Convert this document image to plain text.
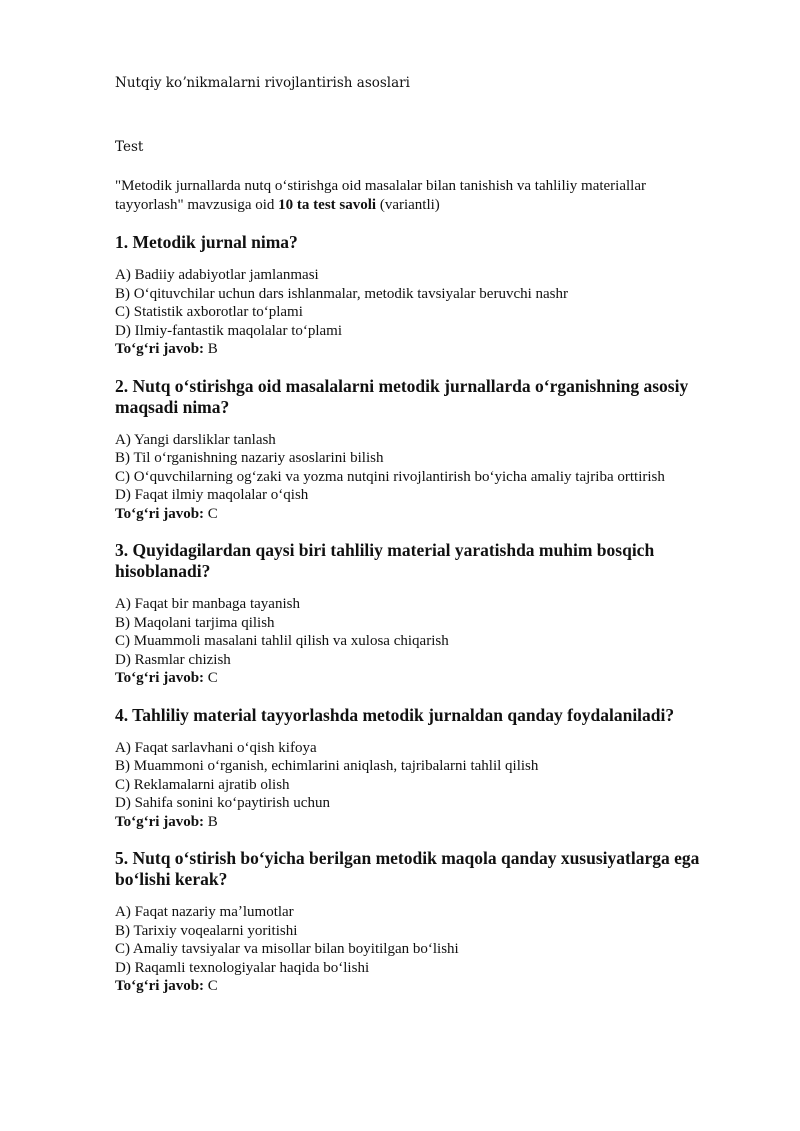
Nutqiy koʼnikmalarni rivojlantirish asoslari
Test
"Metodik jurnallarda nutq oʻstirishga oid masalalar bilan tanishish va tahliliy materiallar tayyorlash" mavzusiga oid 10 ta test savoli (variantli)
1. Metodik jurnal nima?
A) Badiiy adabiyotlar jamlanmasi
B) Oʻqituvchilar uchun dars ishlanmalar, metodik tavsiyalar beruvchi nashr
C) Statistik axborotlar toʻplami
D) Ilmiy-fantastik maqolalar toʻplami
Toʻgʻri javob: B
2. Nutq oʻstirishga oid masalalarni metodik jurnallarda oʻrganishning asosiy maqsadi nima?
A) Yangi darsliklar tanlash
B) Til oʻrganishning nazariy asoslarini bilish
C) Oʻquvchilarning ogʻzaki va yozma nutqini rivojlantirish boʻyicha amaliy tajriba orttirish
D) Faqat ilmiy maqolalar oʻqish
Toʻgʻri javob: C
3. Quyidagilardan qaysi biri tahliliy material yaratishda muhim bosqich hisoblanadi?
A) Faqat bir manbaga tayanish
B) Maqolani tarjima qilish
C) Muammoli masalani tahlil qilish va xulosa chiqarish
D) Rasmlar chizish
Toʻgʻri javob: C
4. Tahliliy material tayyorlashda metodik jurnaldan qanday foydalaniladi?
A) Faqat sarlavhani oʻqish kifoya
B) Muammoni oʻrganish, echimlarini aniqlash, tajribalarni tahlil qilish
C) Reklamalarni ajratib olish
D) Sahifa sonini koʻpaytirish uchun
Toʻgʻri javob: B
5. Nutq oʻstirish boʻyicha berilgan metodik maqola qanday xususiyatlarga ega boʻlishi kerak?
A) Faqat nazariy maʼlumotlar
B) Tarixiy voqealarni yoritishi
C) Amaliy tavsiyalar va misollar bilan boyitilgan boʻlishi
D) Raqamli texnologiyalar haqida boʻlishi
Toʻgʻri javob: C
